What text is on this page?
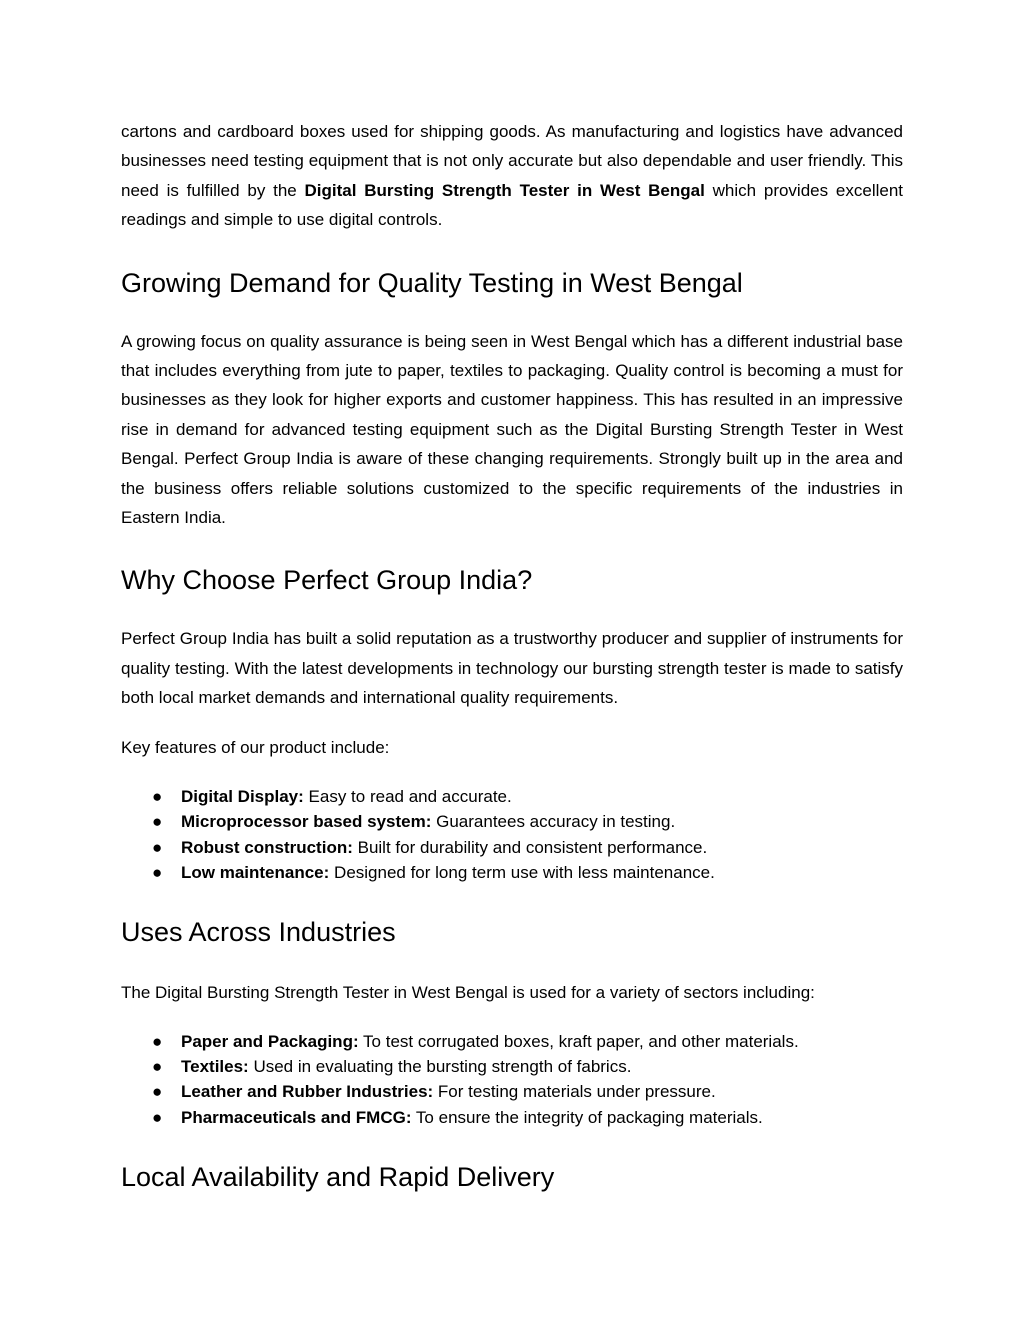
cartons and cardboard boxes used for shipping goods. As manufacturing and logistics have advanced businesses need testing equipment that is not only accurate but also dependable and user friendly. This need is fulfilled by the Digital Bursting Strength Tester in West Bengal which provides excellent readings and simple to use digital controls.

Growing Demand for Quality Testing in West Bengal

A growing focus on quality assurance is being seen in West Bengal which has a different industrial base that includes everything from jute to paper, textiles to packaging. Quality control is becoming a must for businesses as they look for higher exports and customer happiness. This has resulted in an impressive rise in demand for advanced testing equipment such as the Digital Bursting Strength Tester in West Bengal. Perfect Group India is aware of these changing requirements. Strongly built up in the area and the business offers reliable solutions customized to the specific requirements of the industries in Eastern India.

Why Choose Perfect Group India?

Perfect Group India has built a solid reputation as a trustworthy producer and supplier of instruments for quality testing. With the latest developments in technology our bursting strength tester is made to satisfy both local market demands and international quality requirements.

Key features of our product include:

● Digital Display: Easy to read and accurate.
● Microprocessor based system: Guarantees accuracy in testing.
● Robust construction: Built for durability and consistent performance.
● Low maintenance: Designed for long term use with less maintenance.
Uses Across Industries

The Digital Bursting Strength Tester in West Bengal is used for a variety of sectors including:

● Paper and Packaging: To test corrugated boxes, kraft paper, and other materials.
● Textiles: Used in evaluating the bursting strength of fabrics.
● Leather and Rubber Industries: For testing materials under pressure.
● Pharmaceuticals and FMCG: To ensure the integrity of packaging materials.
Local Availability and Rapid Delivery
